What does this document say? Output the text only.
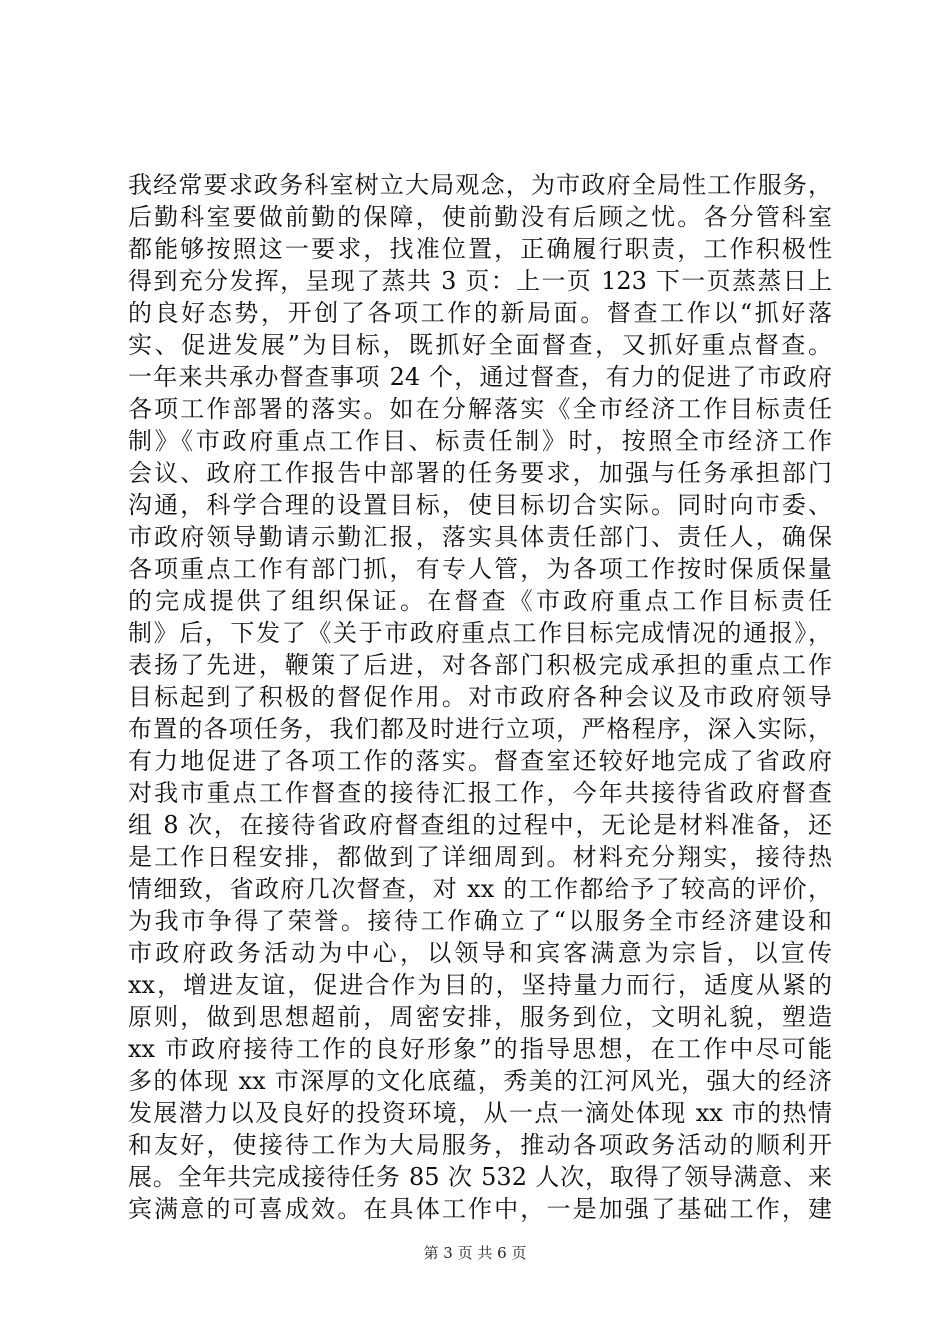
我经常要求政务科室树立大局观念，为市政府全局性工作服务，
后勤科室要做前勤的保障，使前勤没有后顾之忧。各分管科室
都能够按照这一要求，找准位置，正确履行职责，工作积极性
得到充分发挥，呈现了蒸共 3 页：上一页 123 下一页蒸蒸日上
的良好态势，开创了各项工作的新局面。督查工作以“抓好落
实、促进发展”为目标，既抓好全面督查，又抓好重点督查。
一年来共承办督查事项 24 个，通过督查，有力的促进了市政府
各项工作部署的落实。如在分解落实《全市经济工作目标责任
制》《市政府重点工作目、标责任制》时，按照全市经济工作
会议、政府工作报告中部署的任务要求，加强与任务承担部门
沟通，科学合理的设置目标，使目标切合实际。同时向市委、
市政府领导勤请示勤汇报，落实具体责任部门、责任人，确保
各项重点工作有部门抓，有专人管，为各项工作按时保质保量
的完成提供了组织保证。在督查《市政府重点工作目标责任
制》后，下发了《关于市政府重点工作目标完成情况的通报》，
表扬了先进，鞭策了后进，对各部门积极完成承担的重点工作
目标起到了积极的督促作用。对市政府各种会议及市政府领导
布置的各项任务，我们都及时进行立项，严格程序，深入实际，
有力地促进了各项工作的落实。督查室还较好地完成了省政府
对我市重点工作督查的接待汇报工作，今年共接待省政府督查
组 8 次，在接待省政府督查组的过程中，无论是材料准备，还
是工作日程安排，都做到了详细周到。材料充分翔实，接待热
情细致，省政府几次督查，对 xx 的工作都给予了较高的评价，
为我市争得了荣誉。接待工作确立了“以服务全市经济建设和
市政府政务活动为中心，以领导和宾客满意为宗旨，以宣传
xx，增进友谊，促进合作为目的，坚持量力而行，适度从紧的
原则，做到思想超前，周密安排，服务到位，文明礼貌，塑造
xx 市政府接待工作的良好形象”的指导思想，在工作中尽可能
多的体现 xx 市深厚的文化底蕴，秀美的江河风光，强大的经济
发展潜力以及良好的投资环境，从一点一滴处体现 xx 市的热情
和友好，使接待工作为大局服务，推动各项政务活动的顺利开
展。全年共完成接待任务 85 次 532 人次，取得了领导满意、来
宾满意的可喜成效。在具体工作中，一是加强了基础工作，建
第 3 页 共 6 页
